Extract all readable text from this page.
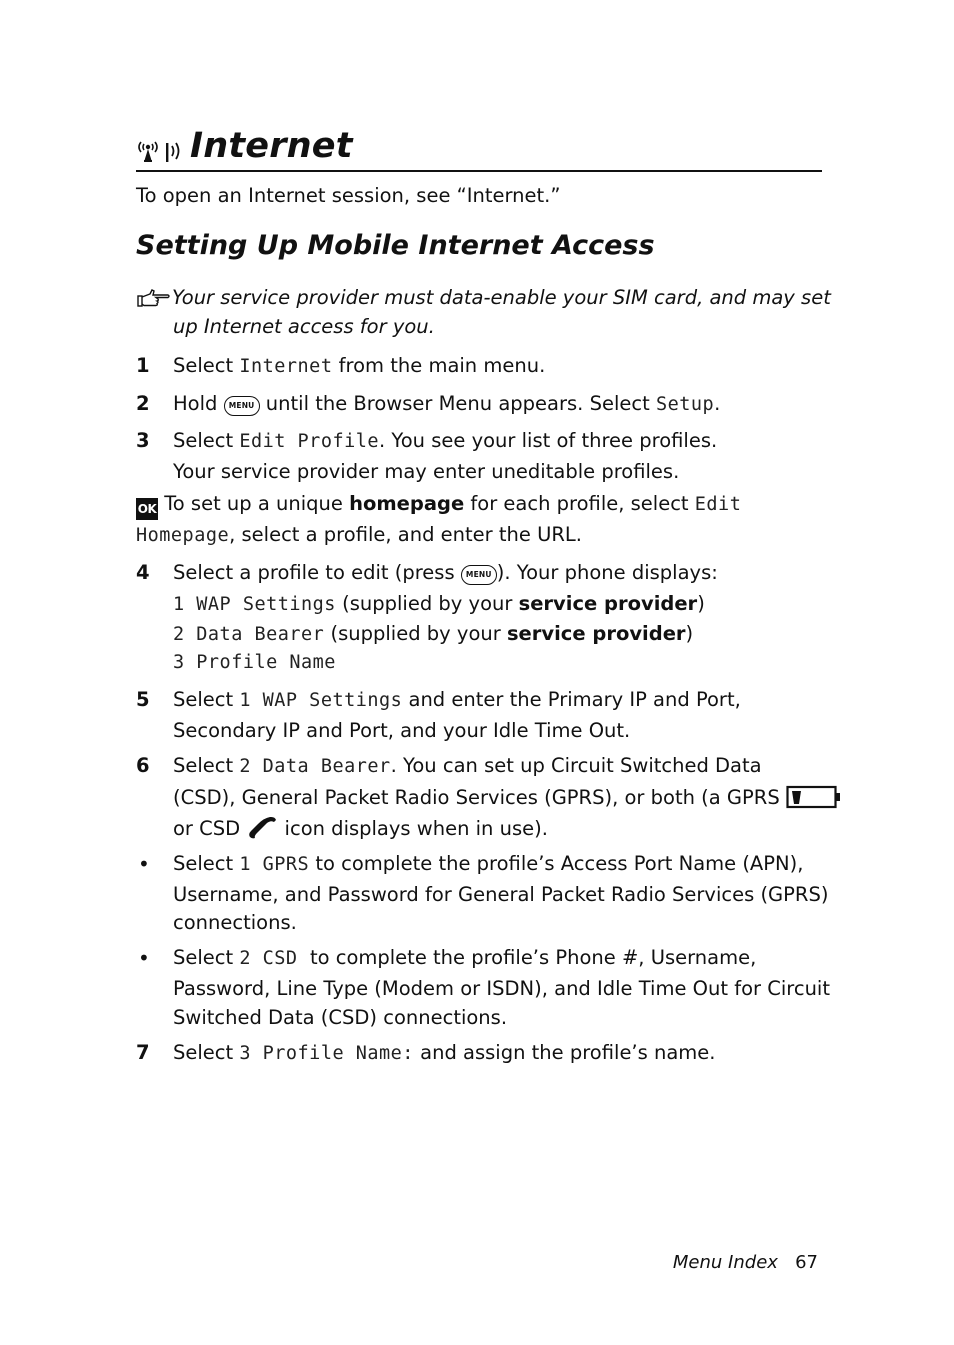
Internet
To open an Internet session, see “Internet.”
Setting Up Mobile Internet Access
Your service provider must data-enable your SIM card, and may set
up Internet access for you.
1 Select Internet from the main menu.
2 Hold MENU until the Browser Menu appears. Select Setup.
3 Select Edit Profile. You see your list of three profiles.
Your service provider may enter uneditable profiles.
OK To set up a unique homepage for each profile, select Edit
Homepage, select a profile, and enter the URL.
4 Select a profile to edit (press MENU ). Your phone displays:
1 WAP Settings (supplied by your service provider)
2 Data Bearer (supplied by your service provider)
3 Profile Name
5 Select 1 WAP Settings and enter the Primary IP and Port,
Secondary IP and Port, and your Idle Time Out.
6 Select 2 Data Bearer. You can set up Circuit Switched Data
(CSD), General Packet Radio Services (GPRS), or both (a GPRS
or CSD  icon displays when in use).
• Select 1 GPRS to complete the profile’s Access Port Name (APN),
Username, and Password for General Packet Radio Services (GPRS)
connections.
• Select 2 CSD  to complete the profile’s Phone #, Username,
Password, Line Type (Modem or ISDN), and Idle Time Out for Circuit
Switched Data (CSD) connections.
7 Select 3 Profile Name: and assign the profile’s name.
Menu Index 67
